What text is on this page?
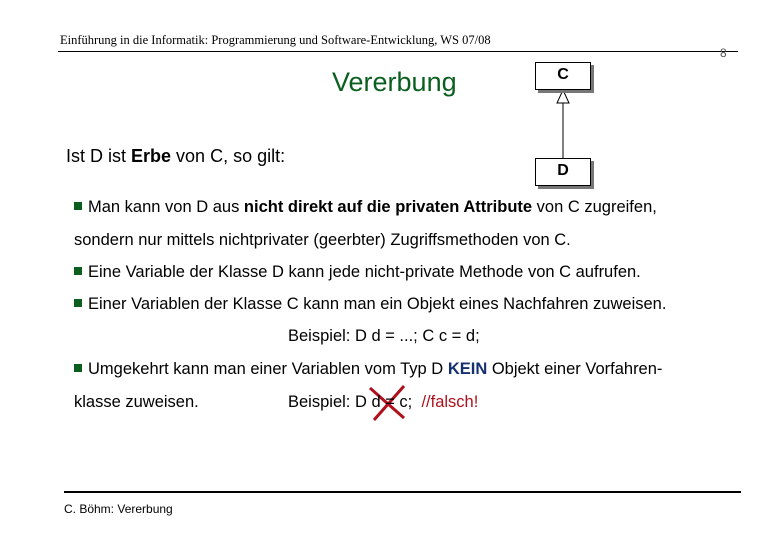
Einführung in die Informatik: Programmierung und Software-Entwicklung, WS 07/08
8
Vererbung
Ist D ist Erbe von C, so gilt:
C
D
Man kann von D aus nicht direkt auf die privaten Attribute von C zugreifen,
sondern nur mittels nichtprivater (geerbter) Zugriffsmethoden von C.
Eine Variable der Klasse D kann jede nicht-private Methode von C aufrufen.
Einer Variablen der Klasse C kann man ein Objekt eines Nachfahren zuweisen.
Beispiel: D d = ...; C c = d;
Umgekehrt kann man einer Variablen vom Typ D KEIN Objekt einer Vorfahren-
klasse zuweisen.	Beispiel: D d = c; //falsch!
C. Böhm: Vererbung
